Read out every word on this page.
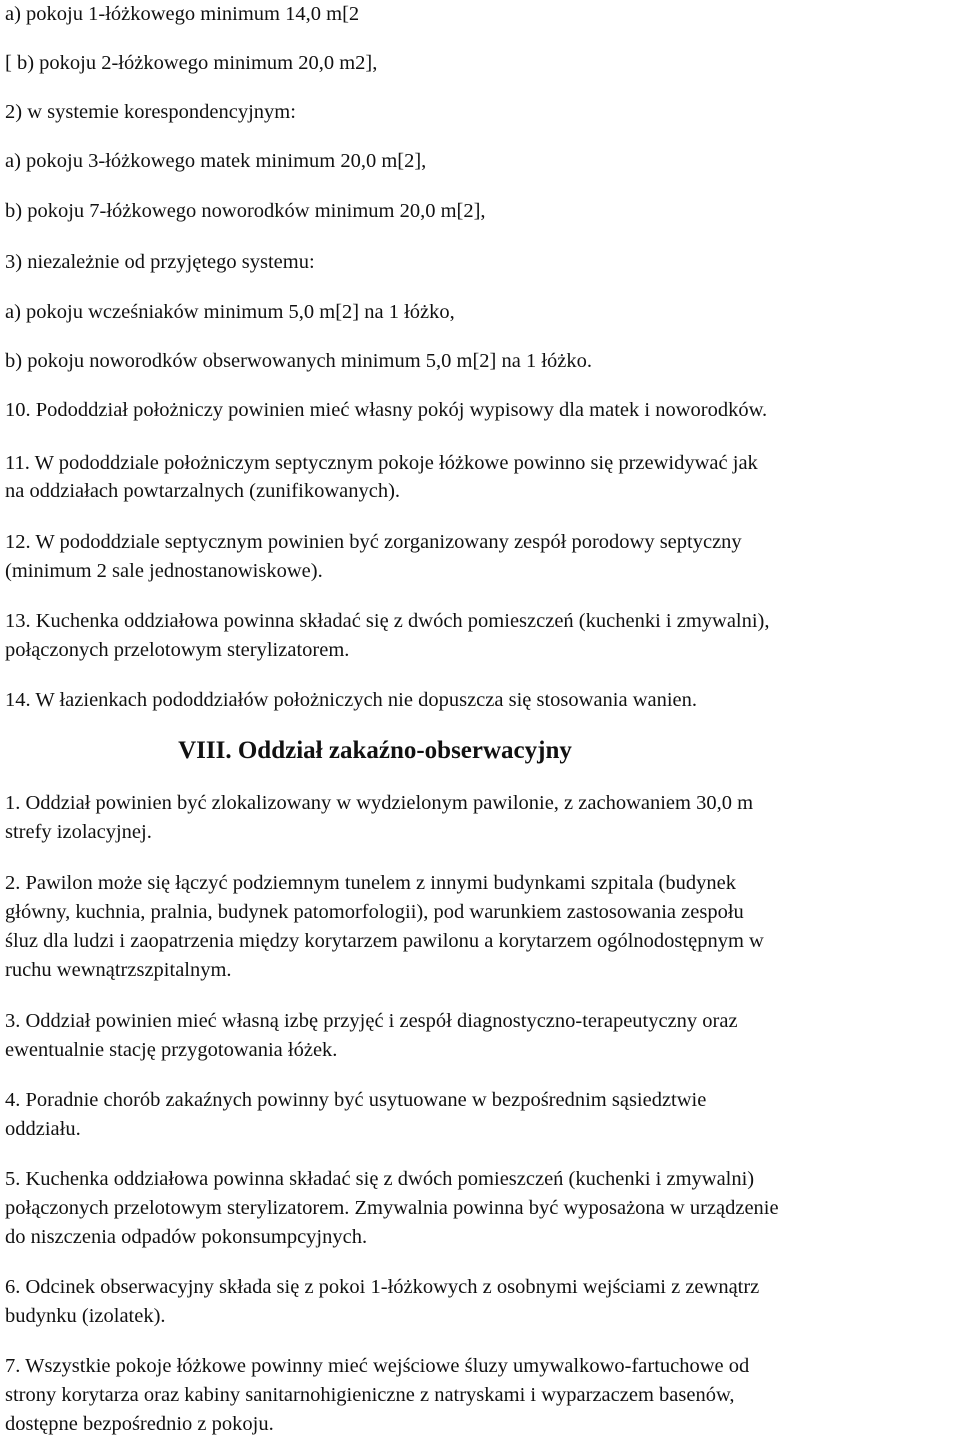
a) pokoju 1-łóżkowego minimum 14,0 m[2
[ b) pokoju 2-łóżkowego minimum 20,0 m2],
2) w systemie korespondencyjnym:
a) pokoju 3-łóżkowego matek minimum 20,0 m[2],
b) pokoju 7-łóżkowego noworodków minimum 20,0 m[2],
3) niezależnie od przyjętego systemu:
a) pokoju wcześniaków minimum 5,0 m[2] na 1 łóżko,
b) pokoju noworodków obserwowanych minimum 5,0 m[2] na 1 łóżko.
10. Pododdział położniczy powinien mieć własny pokój wypisowy dla matek i noworodków.
11. W pododdziale położniczym septycznym pokoje łóżkowe powinno się przewidywać jak
na oddziałach powtarzalnych (zunifikowanych).
12. W pododdziale septycznym powinien być zorganizowany zespół porodowy septyczny
(minimum 2 sale jednostanowiskowe).
13. Kuchenka oddziałowa powinna składać się z dwóch pomieszczeń (kuchenki i zmywalni),
połączonych przelotowym sterylizatorem.
14. W łazienkach pododdziałów położniczych nie dopuszcza się stosowania wanien.
VIII. Oddział zakaźno-obserwacyjny
1. Oddział powinien być zlokalizowany w wydzielonym pawilonie, z zachowaniem 30,0 m
strefy izolacyjnej.
2. Pawilon może się łączyć podziemnym tunelem z innymi budynkami szpitala (budynek
główny, kuchnia, pralnia, budynek patomorfologii), pod warunkiem zastosowania zespołu
śluz dla ludzi i zaopatrzenia między korytarzem pawilonu a korytarzem ogólnodostępnym w
ruchu wewnątrzszpitalnym.
3. Oddział powinien mieć własną izbę przyjęć i zespół diagnostyczno-terapeutyczny oraz
ewentualnie stację przygotowania łóżek.
4. Poradnie chorób zakaźnych powinny być usytuowane w bezpośrednim sąsiedztwie
oddziału.
5. Kuchenka oddziałowa powinna składać się z dwóch pomieszczeń (kuchenki i zmywalni)
połączonych przelotowym sterylizatorem. Zmywalnia powinna być wyposażona w urządzenie
do niszczenia odpadów pokonsumpcyjnych.
6. Odcinek obserwacyjny składa się z pokoi 1-łóżkowych z osobnymi wejściami z zewnątrz
budynku (izolatek).
7. Wszystkie pokoje łóżkowe powinny mieć wejściowe śluzy umywalkowo-fartuchowe od
strony korytarza oraz kabiny sanitarnohigieniczne z natryskami i wyparzaczem basenów,
dostępne bezpośrednio z pokoju.
